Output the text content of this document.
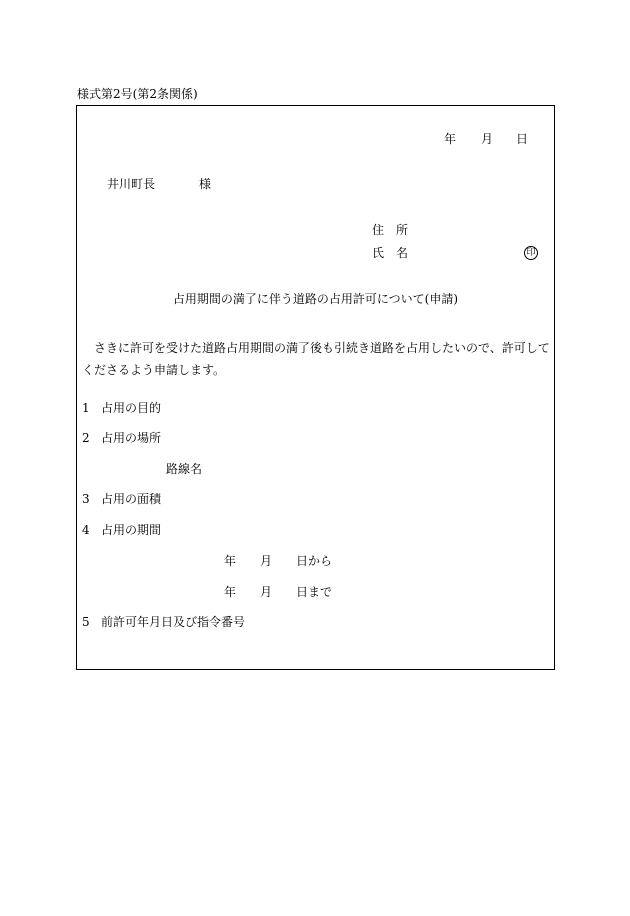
様式第2号(第2条関係)
年 月 日
井川町長	様
住　所
氏　名	印
占用期間の満了に伴う道路の占用許可について(申請)
　さきに許可を受けた道路占用期間の満了後も引続き道路を占用したいので、許可してくださるよう申請します。
1 占用の目的
2 占用の場所
路線名
3 占用の面積
4 占用の期間
年 月 日から
年 月 日まで
5 前許可年月日及び指令番号
